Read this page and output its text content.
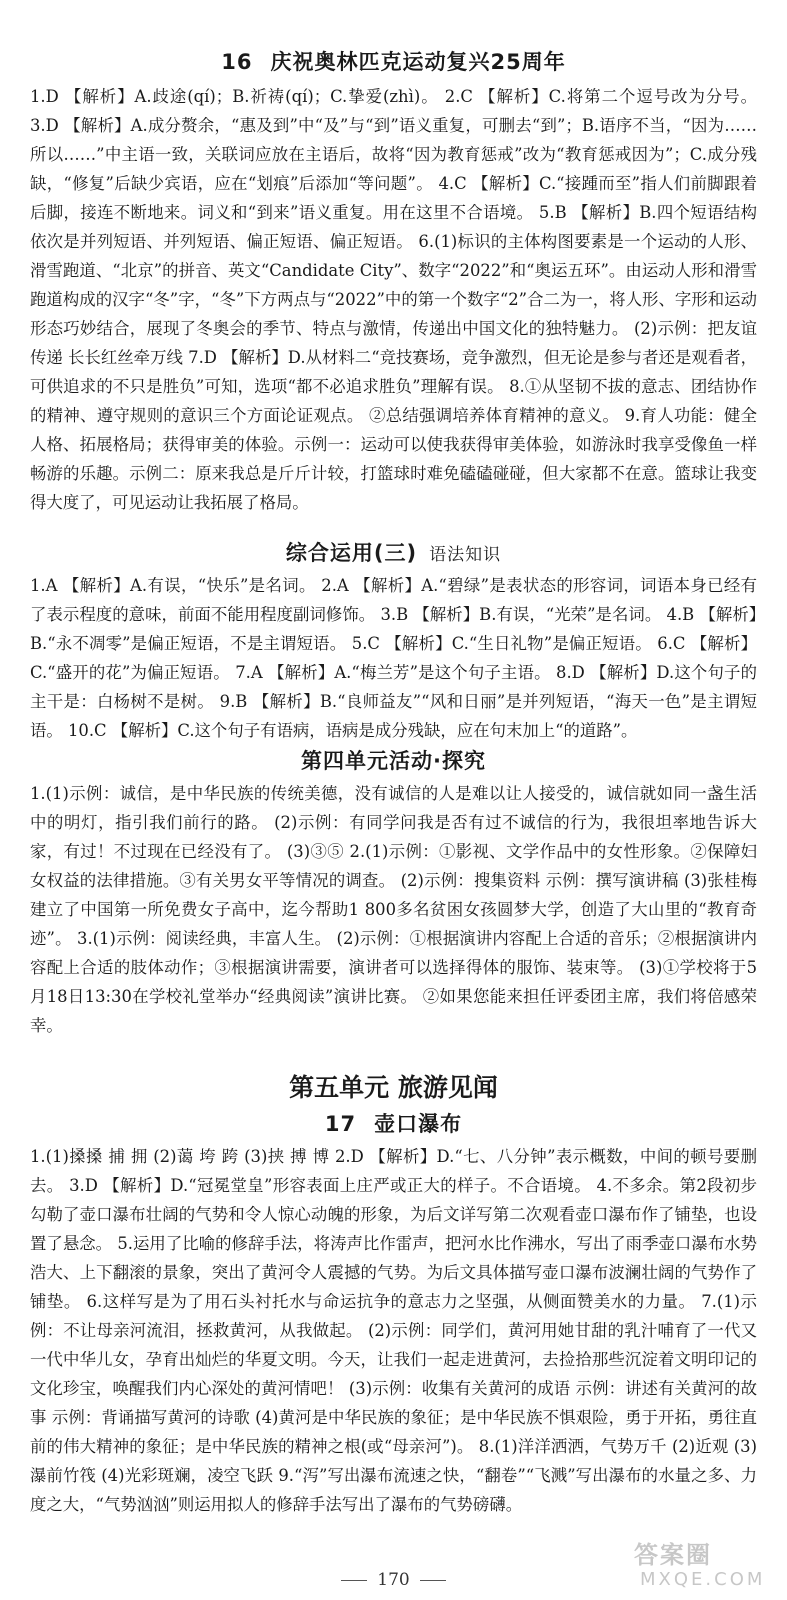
16 庆祝奥林匹克运动复兴25周年

1.D 【解析】A.歧途(qí)；B.祈祷(qí)；C.挚爱(zhì)。 2.C 【解析】C.将第二个逗号改为分号。 3.D 【解析】A.成分赘余，“惠及到”中“及”与“到”语义重复，可删去“到”；B.语序不当，“因为……所以……”中主语一致，关联词应放在主语后，故将“因为教育惩戒”改为“教育惩戒因为”；C.成分残缺，“修复”后缺少宾语，应在“划痕”后添加“等问题”。 4.C 【解析】C.“接踵而至”指人们前脚跟着后脚，接连不断地来。词义和“到来”语义重复。用在这里不合语境。 5.B 【解析】B.四个短语结构依次是并列短语、并列短语、偏正短语、偏正短语。 6.(1)标识的主体构图要素是一个运动的人形、滑雪跑道、“北京”的拼音、英文“Candidate City”、数字“2022”和“奥运五环”。由运动人形和滑雪跑道构成的汉字“冬”字，“冬”下方两点与“2022”中的第一个数字“2”合二为一，将人形、字形和运动形态巧妙结合，展现了冬奥会的季节、特点与激情，传递出中国文化的独特魅力。 (2)示例：把友谊传递 长长红丝牵万线 7.D 【解析】D.从材料二“竞技赛场，竞争激烈，但无论是参与者还是观看者，可供追求的不只是胜负”可知，选项“都不必追求胜负”理解有误。 8.①从坚韧不拔的意志、团结协作的精神、遵守规则的意识三个方面论证观点。 ②总结强调培养体育精神的意义。 9.育人功能：健全人格、拓展格局；获得审美的体验。示例一：运动可以使我获得审美体验，如游泳时我享受像鱼一样畅游的乐趣。示例二：原来我总是斤斤计较，打篮球时难免磕磕碰碰，但大家都不在意。篮球让我变得大度了，可见运动让我拓展了格局。

综合运用(三) 语法知识

1.A 【解析】A.有误，“快乐”是名词。 2.A 【解析】A.“碧绿”是表状态的形容词，词语本身已经有了表示程度的意味，前面不能用程度副词修饰。 3.B 【解析】B.有误，“光荣”是名词。 4.B 【解析】B.“永不凋零”是偏正短语，不是主谓短语。 5.C 【解析】C.“生日礼物”是偏正短语。 6.C 【解析】C.“盛开的花”为偏正短语。 7.A 【解析】A.“梅兰芳”是这个句子主语。 8.D 【解析】D.这个句子的主干是：白杨树不是树。 9.B 【解析】B.“良师益友”“风和日丽”是并列短语，“海天一色”是主谓短语。 10.C 【解析】C.这个句子有语病，语病是成分残缺，应在句末加上“的道路”。

第四单元活动·探究

1.(1)示例：诚信，是中华民族的传统美德，没有诚信的人是难以让人接受的，诚信就如同一盏生活中的明灯，指引我们前行的路。 (2)示例：有同学问我是否有过不诚信的行为，我很坦率地告诉大家，有过！不过现在已经没有了。 (3)③⑤ 2.(1)示例：①影视、文学作品中的女性形象。②保障妇女权益的法律措施。③有关男女平等情况的调查。 (2)示例：搜集资料 示例：撰写演讲稿 (3)张桂梅建立了中国第一所免费女子高中，迄今帮助1 800多名贫困女孩圆梦大学，创造了大山里的“教育奇迹”。 3.(1)示例：阅读经典，丰富人生。 (2)示例：①根据演讲内容配上合适的音乐；②根据演讲内容配上合适的肢体动作；③根据演讲需要，演讲者可以选择得体的服饰、装束等。 (3)①学校将于5月18日13:30在学校礼堂举办“经典阅读”演讲比赛。 ②如果您能来担任评委团主席，我们将倍感荣幸。

第五单元 旅游见闻
17 壶口瀑布

1.(1)搡搡 捕 拥 (2)蔼 垮 跨 (3)挟 搏 博 2.D 【解析】D.“七、八分钟”表示概数，中间的顿号要删去。 3.D 【解析】D.“冠冕堂皇”形容表面上庄严或正大的样子。不合语境。 4.不多余。第2段初步勾勒了壶口瀑布壮阔的气势和令人惊心动魄的形象，为后文详写第二次观看壶口瀑布作了铺垫，也设置了悬念。 5.运用了比喻的修辞手法，将涛声比作雷声，把河水比作沸水，写出了雨季壶口瀑布水势浩大、上下翻滚的景象，突出了黄河令人震撼的气势。为后文具体描写壶口瀑布波澜壮阔的气势作了铺垫。 6.这样写是为了用石头衬托水与命运抗争的意志力之坚强，从侧面赞美水的力量。 7.(1)示例：不让母亲河流泪，拯救黄河，从我做起。 (2)示例：同学们，黄河用她甘甜的乳汁哺育了一代又一代中华儿女，孕育出灿烂的华夏文明。今天，让我们一起走进黄河，去捡拾那些沉淀着文明印记的文化珍宝，唤醒我们内心深处的黄河情吧！ (3)示例：收集有关黄河的成语 示例：讲述有关黄河的故事 示例：背诵描写黄河的诗歌 (4)黄河是中华民族的象征；是中华民族不惧艰险，勇于开拓，勇往直前的伟大精神的象征；是中华民族的精神之根(或“母亲河”)。 8.(1)洋洋洒洒，气势万千 (2)近观 (3)瀑前竹筏 (4)光彩斑斓，凌空飞跃 9.“泻”写出瀑布流速之快，“翻卷”“飞溅”写出瀑布的水量之多、力度之大，“气势汹汹”则运用拟人的修辞手法写出了瀑布的气势磅礴。

170
答案圈
MXQE.COM
